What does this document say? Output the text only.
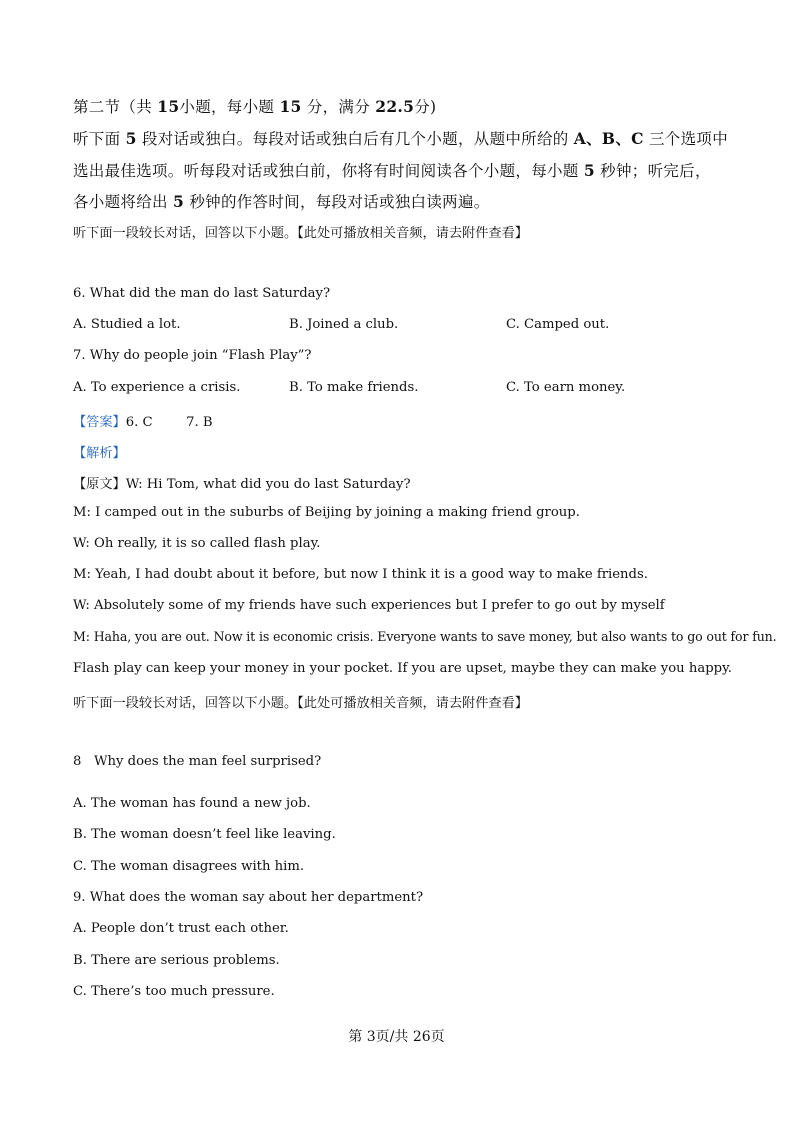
第二节（共 15小题，每小题 15 分，满分 22.5分)
听下面 5 段对话或独白。每段对话或独白后有几个小题，从题中所给的 A、B、C 三个选项中
选出最佳选项。听每段对话或独白前，你将有时间阅读各个小题，每小题 5 秒钟；听完后，
各小题将给出 5 秒钟的作答时间，每段对话或独白读两遍。
听下面一段较长对话，回答以下小题。【此处可播放相关音频，请去附件查看】
6. What did the man do last Saturday?
A. Studied a lot.	B. Joined a club.	C. Camped out.
7. Why do people join “Flash Play”?
A. To experience a crisis.	B. To make friends.	C. To earn money.
【答案】6. C        7. B
【解析】
【原文】W: Hi Tom, what did you do last Saturday?
M: I camped out in the suburbs of Beijing by joining a making friend group.
W: Oh really, it is so called flash play.
M: Yeah, I had doubt about it before, but now I think it is a good way to make friends.
W: Absolutely some of my friends have such experiences but I prefer to go out by myself
M: Haha, you are out. Now it is economic crisis. Everyone wants to save money, but also wants to go out for fun.
Flash play can keep your money in your pocket. If you are upset, maybe they can make you happy.
听下面一段较长对话，回答以下小题。【此处可播放相关音频，请去附件查看】
8   Why does the man feel surprised?
A. The woman has found a new job.
B. The woman doesn’t feel like leaving.
C. The woman disagrees with him.
9. What does the woman say about her department?
A. People don’t trust each other.
B. There are serious problems.
C. There’s too much pressure.
第 3页/共 26页
